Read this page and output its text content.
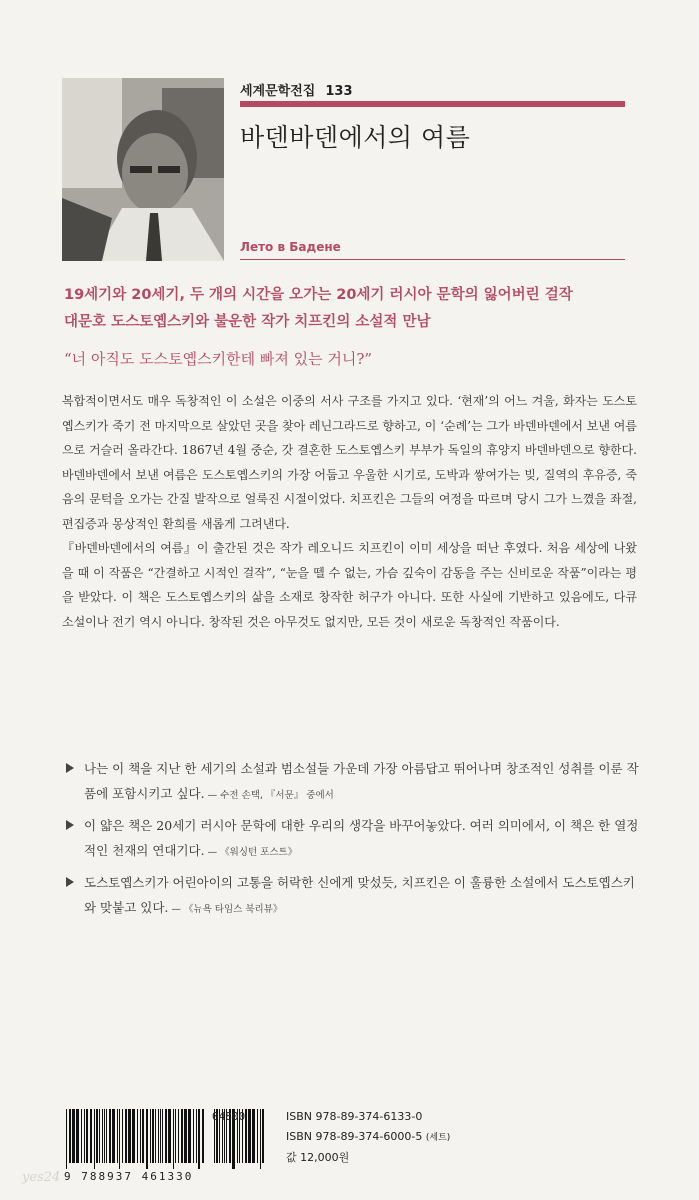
세계문학전집 133
바덴바덴에서의 여름
Лето в Бадене
19세기와 20세기, 두 개의 시간을 오가는 20세기 러시아 문학의 잃어버린 걸작
대문호 도스토옙스키와 불운한 작가 치프킨의 소설적 만남
“너 아직도 도스토옙스키한테 빠져 있는 거니?”

복합적이면서도 매우 독창적인 이 소설은 이중의 서사 구조를 가지고 있다. ‘현재’의 어느 겨울, 화자는 도스토옙스키가 죽기 전 마지막으로 살았던 곳을 찾아 레닌그라드로 향하고, 이 ‘순례’는 그가 바덴바덴에서 보낸 여름으로 거슬러 올라간다. 1867년 4월 중순, 갓 결혼한 도스토옙스키 부부가 독일의 휴양지 바덴바덴으로 향한다. 바덴바덴에서 보낸 여름은 도스토옙스키의 가장 어둡고 우울한 시기로, 도박과 쌓여가는 빚, 질역의 후유증, 죽음의 문턱을 오가는 간질 발작으로 얼룩진 시절이었다. 치프킨은 그들의 여정을 따르며 당시 그가 느꼈을 좌절, 편집증과 몽상적인 환희를 새롭게 그려낸다.

『바덴바덴에서의 여름』이 출간된 것은 작가 레오니드 치프킨이 이미 세상을 떠난 후였다. 처음 세상에 나왔을 때 이 작품은 “간결하고 시적인 걸작”, “눈을 뗄 수 없는, 가슴 깊숙이 감동을 주는 신비로운 작품”이라는 평을 받았다. 이 책은 도스토옙스키의 삶을 소재로 창작한 허구가 아니다. 또한 사실에 기반하고 있음에도, 다큐 소설이나 전기 역시 아니다. 창작된 것은 아무것도 없지만, 모든 것이 새로운 독창적인 작품이다.

나는 이 책을 지난 한 세기의 소설과 범소설들 가운데 가장 아름답고 뛰어나며 창조적인 성취를 이룬 작품에 포함시키고 싶다. — 수전 손택, 『서문』 중에서
이 얇은 책은 20세기 러시아 문학에 대한 우리의 생각을 바꾸어놓았다. 여러 의미에서, 이 책은 한 열정적인 천재의 연대기다. — 《워싱턴 포스트》
도스토옙스키가 어린아이의 고통을 허락한 신에게 맞섰듯, 치프킨은 이 훌륭한 소설에서 도스토옙스키와 맞붙고 있다. — 《뉴욕 타임스 북리뷰》
9 788937 461330
04800	ISBN 978-89-374-6133-0
ISBN 978-89-374-6000-5 (세트)
값 12,000원
yes24
